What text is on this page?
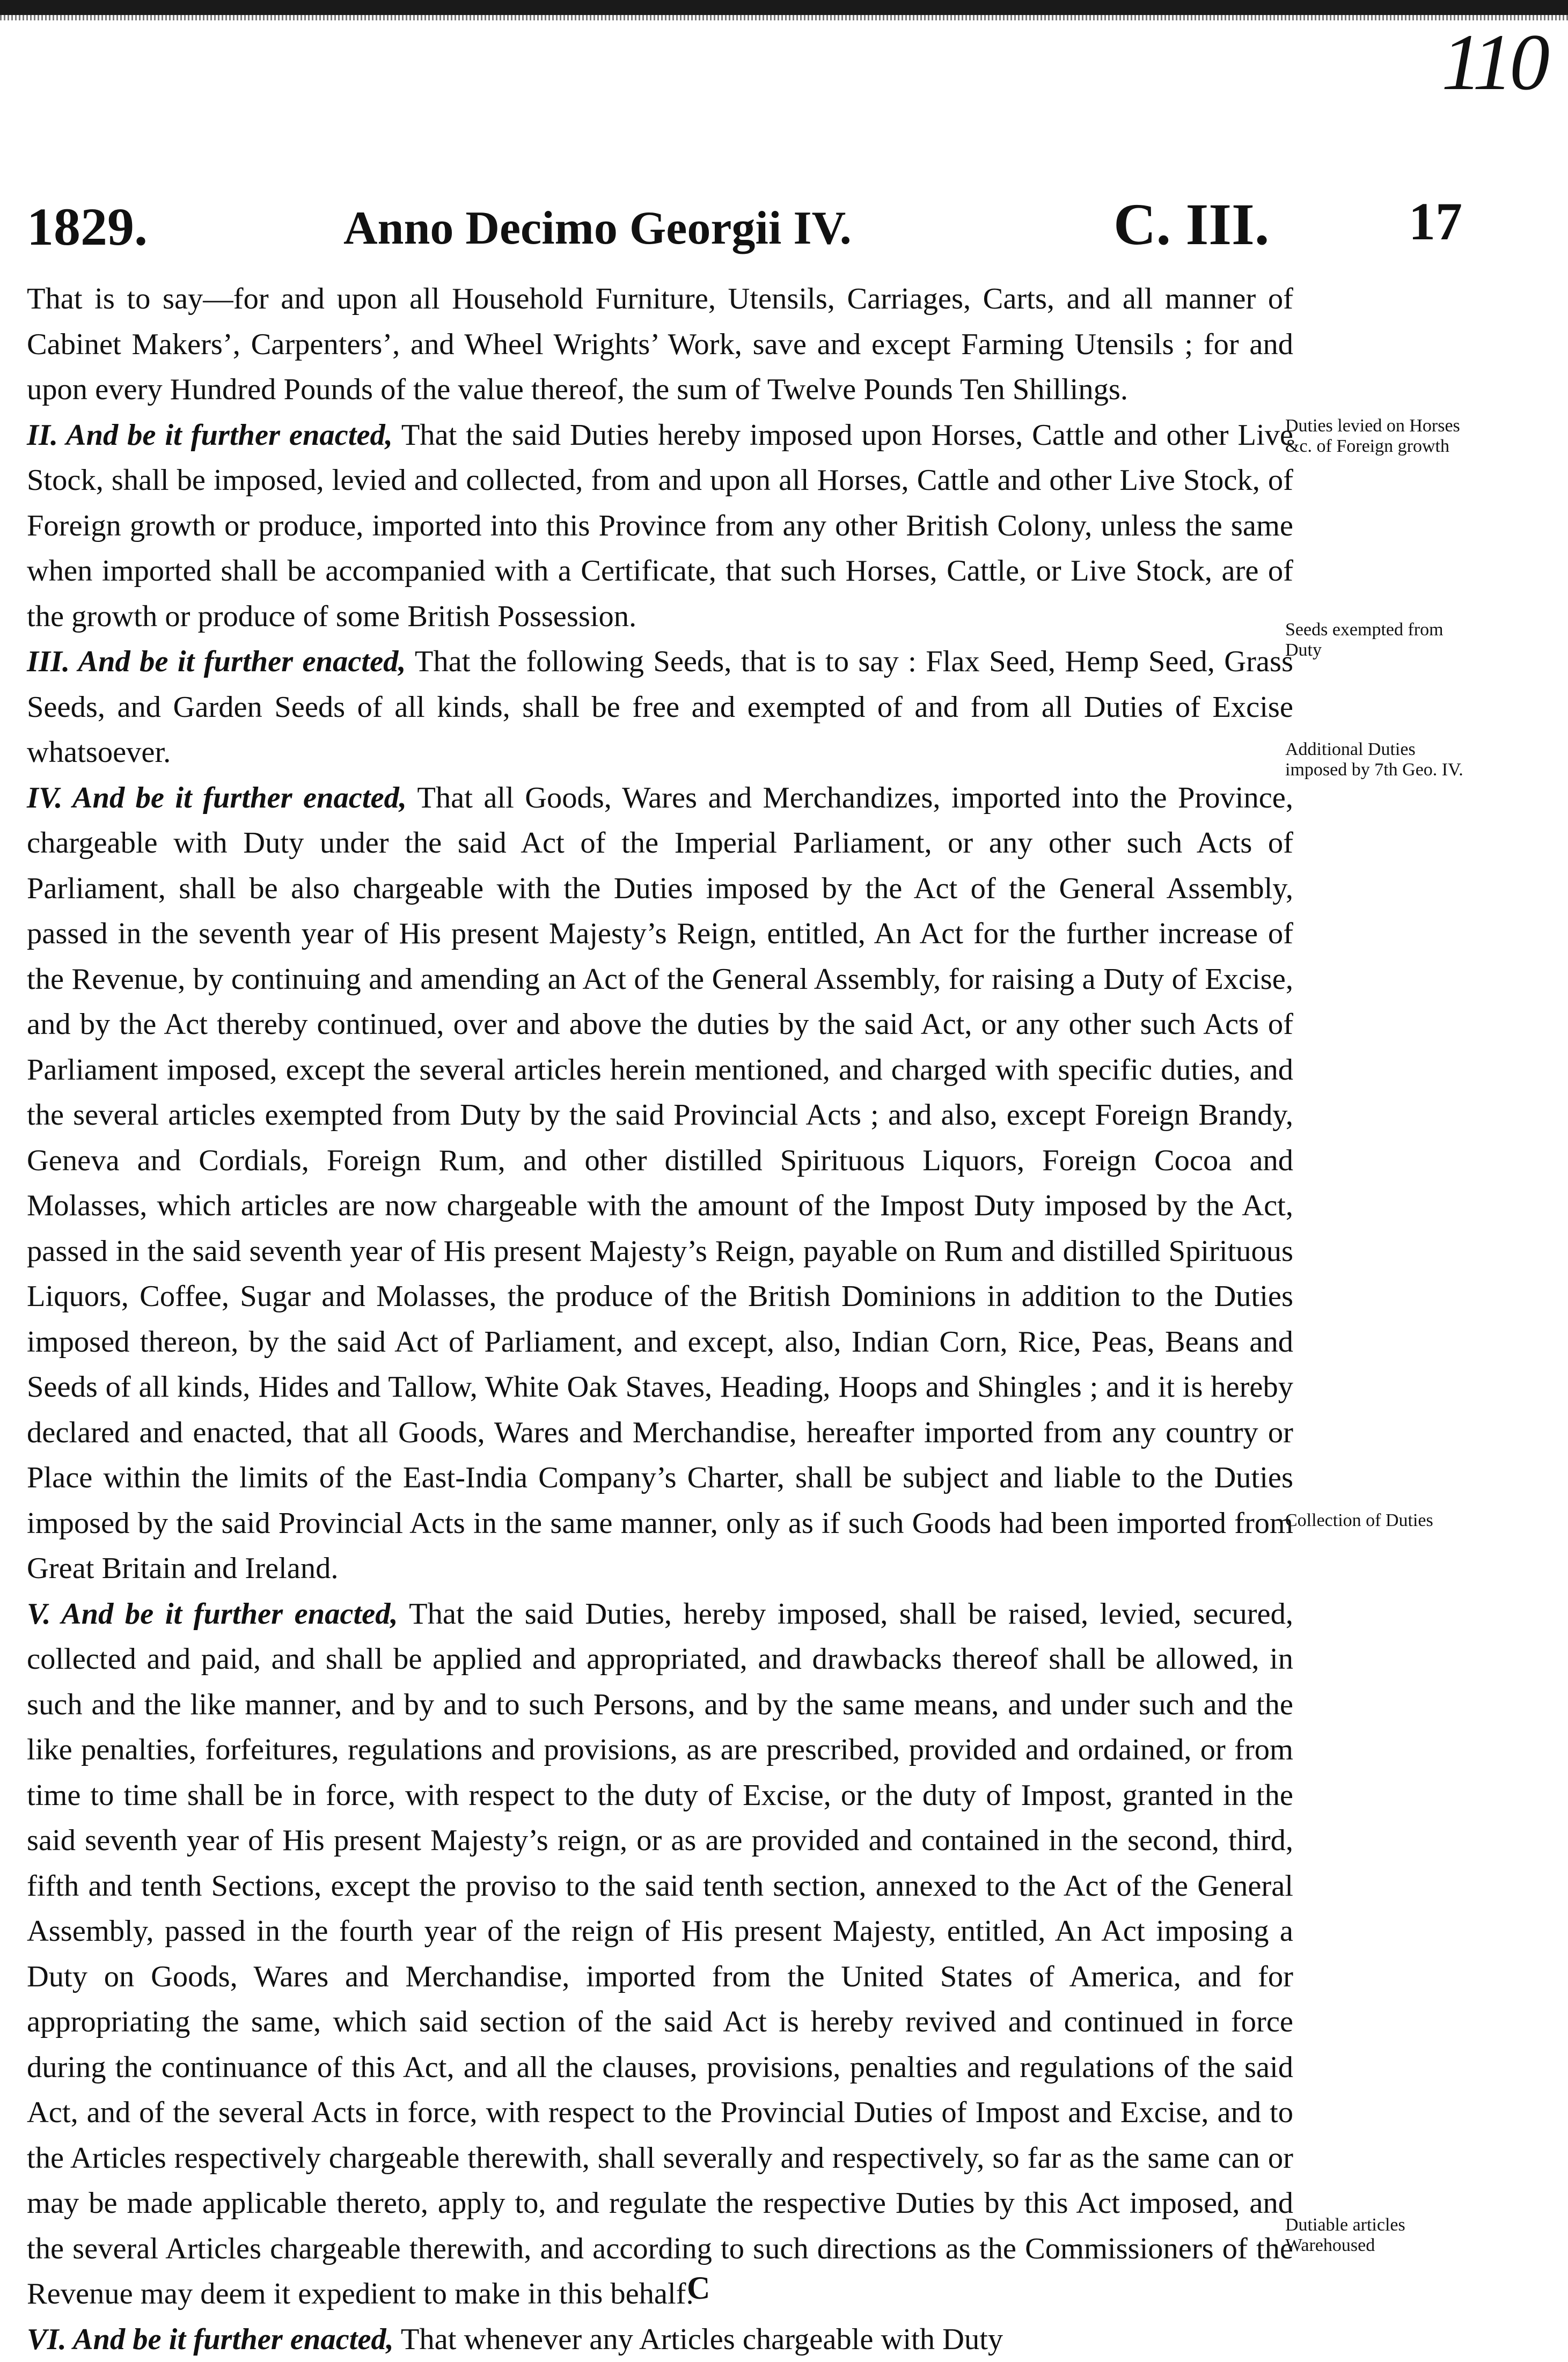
110
1829.	Anno Decimo Georgii IV.	C. III.	17

That is to say—for and upon all Household Furniture, Utensils, Carriages, Carts, and all manner of Cabinet Makers’, Carpenters’, and Wheel Wrights’ Work, save and except Farming Utensils ; for and upon every Hundred Pounds of the value thereof, the sum of Twelve Pounds Ten Shillings.

II. And be it further enacted, That the said Duties hereby imposed upon Horses, Cattle and other Live Stock, shall be imposed, levied and collected, from and upon all Horses, Cattle and other Live Stock, of Foreign growth or produce, imported into this Province from any other British Colony, unless the same when imported shall be accompanied with a Certificate, that such Horses, Cattle, or Live Stock, are of the growth or produce of some British Possession.

III. And be it further enacted, That the following Seeds, that is to say : Flax Seed, Hemp Seed, Grass Seeds, and Garden Seeds of all kinds, shall be free and exempted of and from all Duties of Excise whatsoever.

IV. And be it further enacted, That all Goods, Wares and Merchandizes, imported into the Province, chargeable with Duty under the said Act of the Imperial Parliament, or any other such Acts of Parliament, shall be also chargeable with the Duties imposed by the Act of the General Assembly, passed in the seventh year of His present Majesty’s Reign, entitled, An Act for the further increase of the Revenue, by continuing and amending an Act of the General Assembly, for raising a Duty of Excise, and by the Act thereby continued, over and above the duties by the said Act, or any other such Acts of Parliament imposed, except the several articles herein mentioned, and charged with specific duties, and the several articles exempted from Duty by the said Provincial Acts ; and also, except Foreign Brandy, Geneva and Cordials, Foreign Rum, and other distilled Spirituous Liquors, Foreign Cocoa and Molasses, which articles are now chargeable with the amount of the Impost Duty imposed by the Act, passed in the said seventh year of His present Majesty’s Reign, payable on Rum and distilled Spirituous Liquors, Coffee, Sugar and Molasses, the produce of the British Dominions in addition to the Duties imposed thereon, by the said Act of Parliament, and except, also, Indian Corn, Rice, Peas, Beans and Seeds of all kinds, Hides and Tallow, White Oak Staves, Heading, Hoops and Shingles ; and it is hereby declared and enacted, that all Goods, Wares and Merchandise, hereafter imported from any country or Place within the limits of the East-India Company’s Charter, shall be subject and liable to the Duties imposed by the said Provincial Acts in the same manner, only as if such Goods had been imported from Great Britain and Ireland.

V. And be it further enacted, That the said Duties, hereby imposed, shall be raised, levied, secured, collected and paid, and shall be applied and appropriated, and drawbacks thereof shall be allowed, in such and the like manner, and by and to such Persons, and by the same means, and under such and the like penalties, forfeitures, regulations and provisions, as are prescribed, provided and ordained, or from time to time shall be in force, with respect to the duty of Excise, or the duty of Impost, granted in the said seventh year of His present Majesty’s reign, or as are provided and contained in the second, third, fifth and tenth Sections, except the proviso to the said tenth section, annexed to the Act of the General Assembly, passed in the fourth year of the reign of His present Majesty, entitled, An Act imposing a Duty on Goods, Wares and Merchandise, imported from the United States of America, and for appropriating the same, which said section of the said Act is hereby revived and continued in force during the continuance of this Act, and all the clauses, provisions, penalties and regulations of the said Act, and of the several Acts in force, with respect to the Provincial Duties of Impost and Excise, and to the Articles respectively chargeable therewith, shall severally and respectively, so far as the same can or may be made applicable thereto, apply to, and regulate the respective Duties by this Act imposed, and the several Articles chargeable therewith, and according to such directions as the Commissioners of the Revenue may deem it expedient to make in this behalf.

VI. And be it further enacted, That whenever any Articles chargeable with Duty

Duties levied on Horses &c. of Foreign growth
Seeds exempted from Duty
Additional Duties imposed by 7th Geo. IV.
Collection of Duties
Dutiable articles Warehoused
C
